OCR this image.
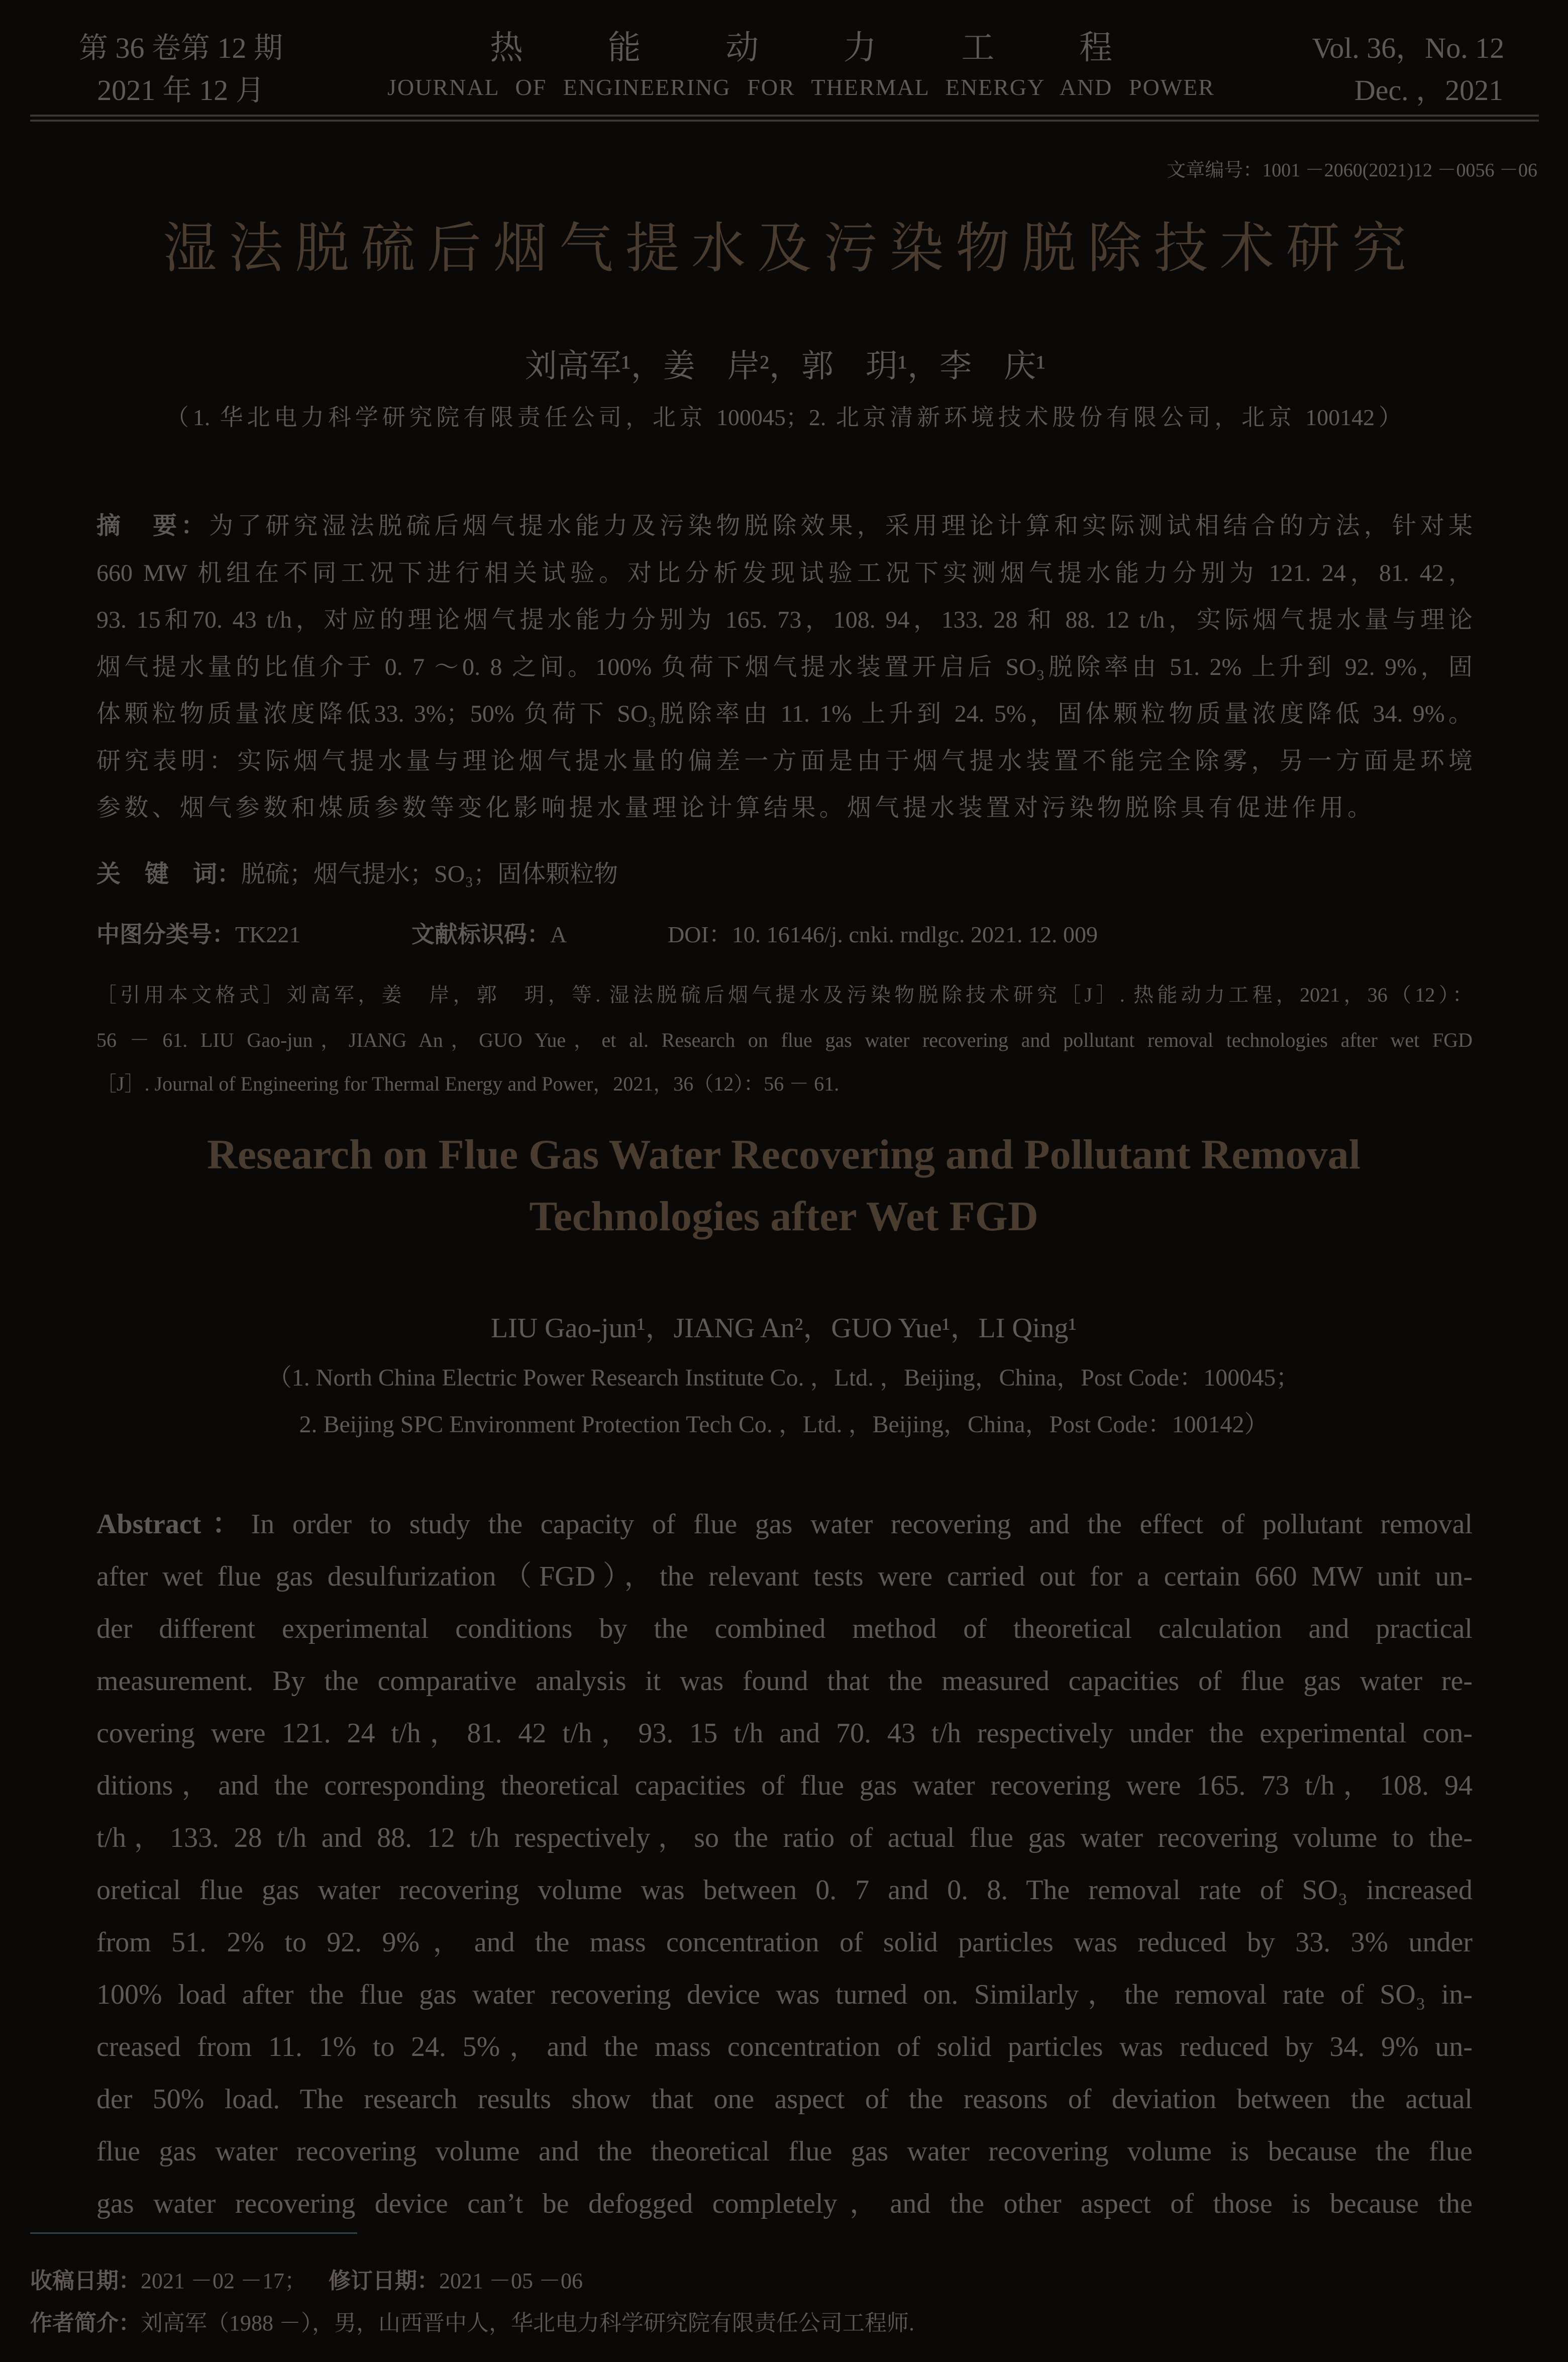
第 36 卷第 12 期
2021 年 12 月
热　能　动　力　工　程
JOURNAL OF ENGINEERING FOR THERMAL ENERGY AND POWER
Vol. 36，No. 12
Dec. ，2021
文章编号：1001 －2060(2021)12 －0056 －06
湿法脱硫后烟气提水及污染物脱除技术研究
刘高军¹，姜　岸²，郭　玥¹，李　庆¹
（1. 华北电力科学研究院有限责任公司，北京 100045；2. 北京清新环境技术股份有限公司，北京 100142）
摘　要：为了研究湿法脱硫后烟气提水能力及污染物脱除效果，采用理论计算和实际测试相结合的方法，针对某
660 MW 机组在不同工况下进行相关试验。对比分析发现试验工况下实测烟气提水能力分别为 121. 24，81. 42，
93. 15和70. 43 t/h，对应的理论烟气提水能力分别为 165. 73，108. 94，133. 28 和 88. 12 t/h，实际烟气提水量与理论
烟气提水量的比值介于 0. 7 ～0. 8 之间。100% 负荷下烟气提水装置开启后 SO₃脱除率由 51. 2% 上升到 92. 9%，固
体颗粒物质量浓度降低33. 3%；50% 负荷下 SO₃脱除率由 11. 1% 上升到 24. 5%，固体颗粒物质量浓度降低 34. 9%。
研究表明：实际烟气提水量与理论烟气提水量的偏差一方面是由于烟气提水装置不能完全除雾，另一方面是环境
参数、烟气参数和煤质参数等变化影响提水量理论计算结果。烟气提水装置对污染物脱除具有促进作用。
关　键　词：脱硫；烟气提水；SO₃；固体颗粒物
中图分类号：TK221	文献标识码：A	DOI：10. 16146/j. cnki. rndlgc. 2021. 12. 009
［引用本文格式］刘高军，姜　岸，郭　玥，等. 湿法脱硫后烟气提水及污染物脱除技术研究［J］. 热能动力工程，2021，36（12）：
56 － 61. LIU Gao-jun，JIANG An，GUO Yue，et al. Research on flue gas water recovering and pollutant removal technologies after wet FGD
［J］. Journal of Engineering for Thermal Energy and Power，2021，36（12）：56 － 61.
Research on Flue Gas Water Recovering and Pollutant Removal
Technologies after Wet FGD
LIU Gao-jun¹，JIANG An²，GUO Yue¹，LI Qing¹
（1. North China Electric Power Research Institute Co. ，Ltd. ，Beijing，China，Post Code：100045；
2. Beijing SPC Environment Protection Tech Co. ，Ltd. ，Beijing，China，Post Code：100142）
Abstract：In order to study the capacity of flue gas water recovering and the effect of pollutant removal
after wet flue gas desulfurization（FGD），the relevant tests were carried out for a certain 660 MW unit un-
der different experimental conditions by the combined method of theoretical calculation and practical
measurement. By the comparative analysis it was found that the measured capacities of flue gas water re-
covering were 121. 24 t/h，81. 42 t/h，93. 15 t/h and 70. 43 t/h respectively under the experimental con-
ditions，and the corresponding theoretical capacities of flue gas water recovering were 165. 73 t/h，108. 94
t/h，133. 28 t/h and 88. 12 t/h respectively，so the ratio of actual flue gas water recovering volume to the-
oretical flue gas water recovering volume was between 0. 7 and 0. 8. The removal rate of SO₃ increased
from 51. 2% to 92. 9%，and the mass concentration of solid particles was reduced by 33. 3% under
100% load after the flue gas water recovering device was turned on. Similarly，the removal rate of SO₃ in-
creased from 11. 1% to 24. 5%，and the mass concentration of solid particles was reduced by 34. 9% un-
der 50% load. The research results show that one aspect of the reasons of deviation between the actual
flue gas water recovering volume and the theoretical flue gas water recovering volume is because the flue
gas water recovering device can’t be defogged completely，and the other aspect of those is because the
收稿日期：2021 －02 －17； 修订日期：2021 －05 －06
作者简介：刘高军（1988 －），男，山西晋中人，华北电力科学研究院有限责任公司工程师.
